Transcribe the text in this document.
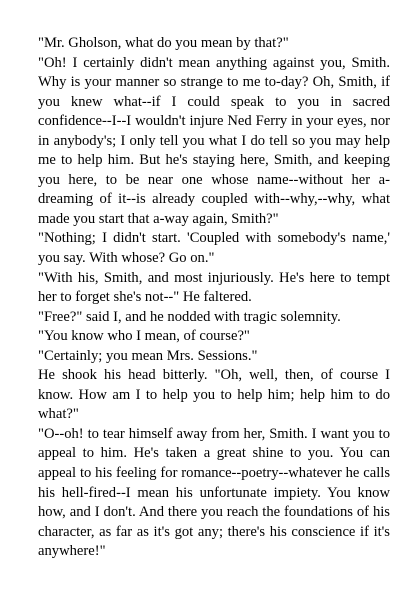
"Mr. Gholson, what do you mean by that?"

"Oh! I certainly didn't mean anything against you, Smith. Why is your manner so strange to me to-day? Oh, Smith, if you knew what--if I could speak to you in sacred confidence--I--I wouldn't injure Ned Ferry in your eyes, nor in anybody's; I only tell you what I do tell so you may help me to help him. But he's staying here, Smith, and keeping you here, to be near one whose name--without her a-dreaming of it--is already coupled with--why,--why, what made you start that a-way again, Smith?"

"Nothing; I didn't start. 'Coupled with somebody's name,' you say. With whose? Go on."

"With his, Smith, and most injuriously. He's here to tempt her to forget she's not--" He faltered.

"Free?" said I, and he nodded with tragic solemnity.

"You know who I mean, of course?"

"Certainly; you mean Mrs. Sessions."

He shook his head bitterly. "Oh, well, then, of course I know. How am I to help you to help him; help him to do what?"

"O--oh! to tear himself away from her, Smith. I want you to appeal to him. He's taken a great shine to you. You can appeal to his feeling for romance--poetry--whatever he calls his hell-fired--I mean his unfortunate impiety. You know how, and I don't. And there you reach the foundations of his character, as far as it's got any; there's his conscience if it's anywhere!"
